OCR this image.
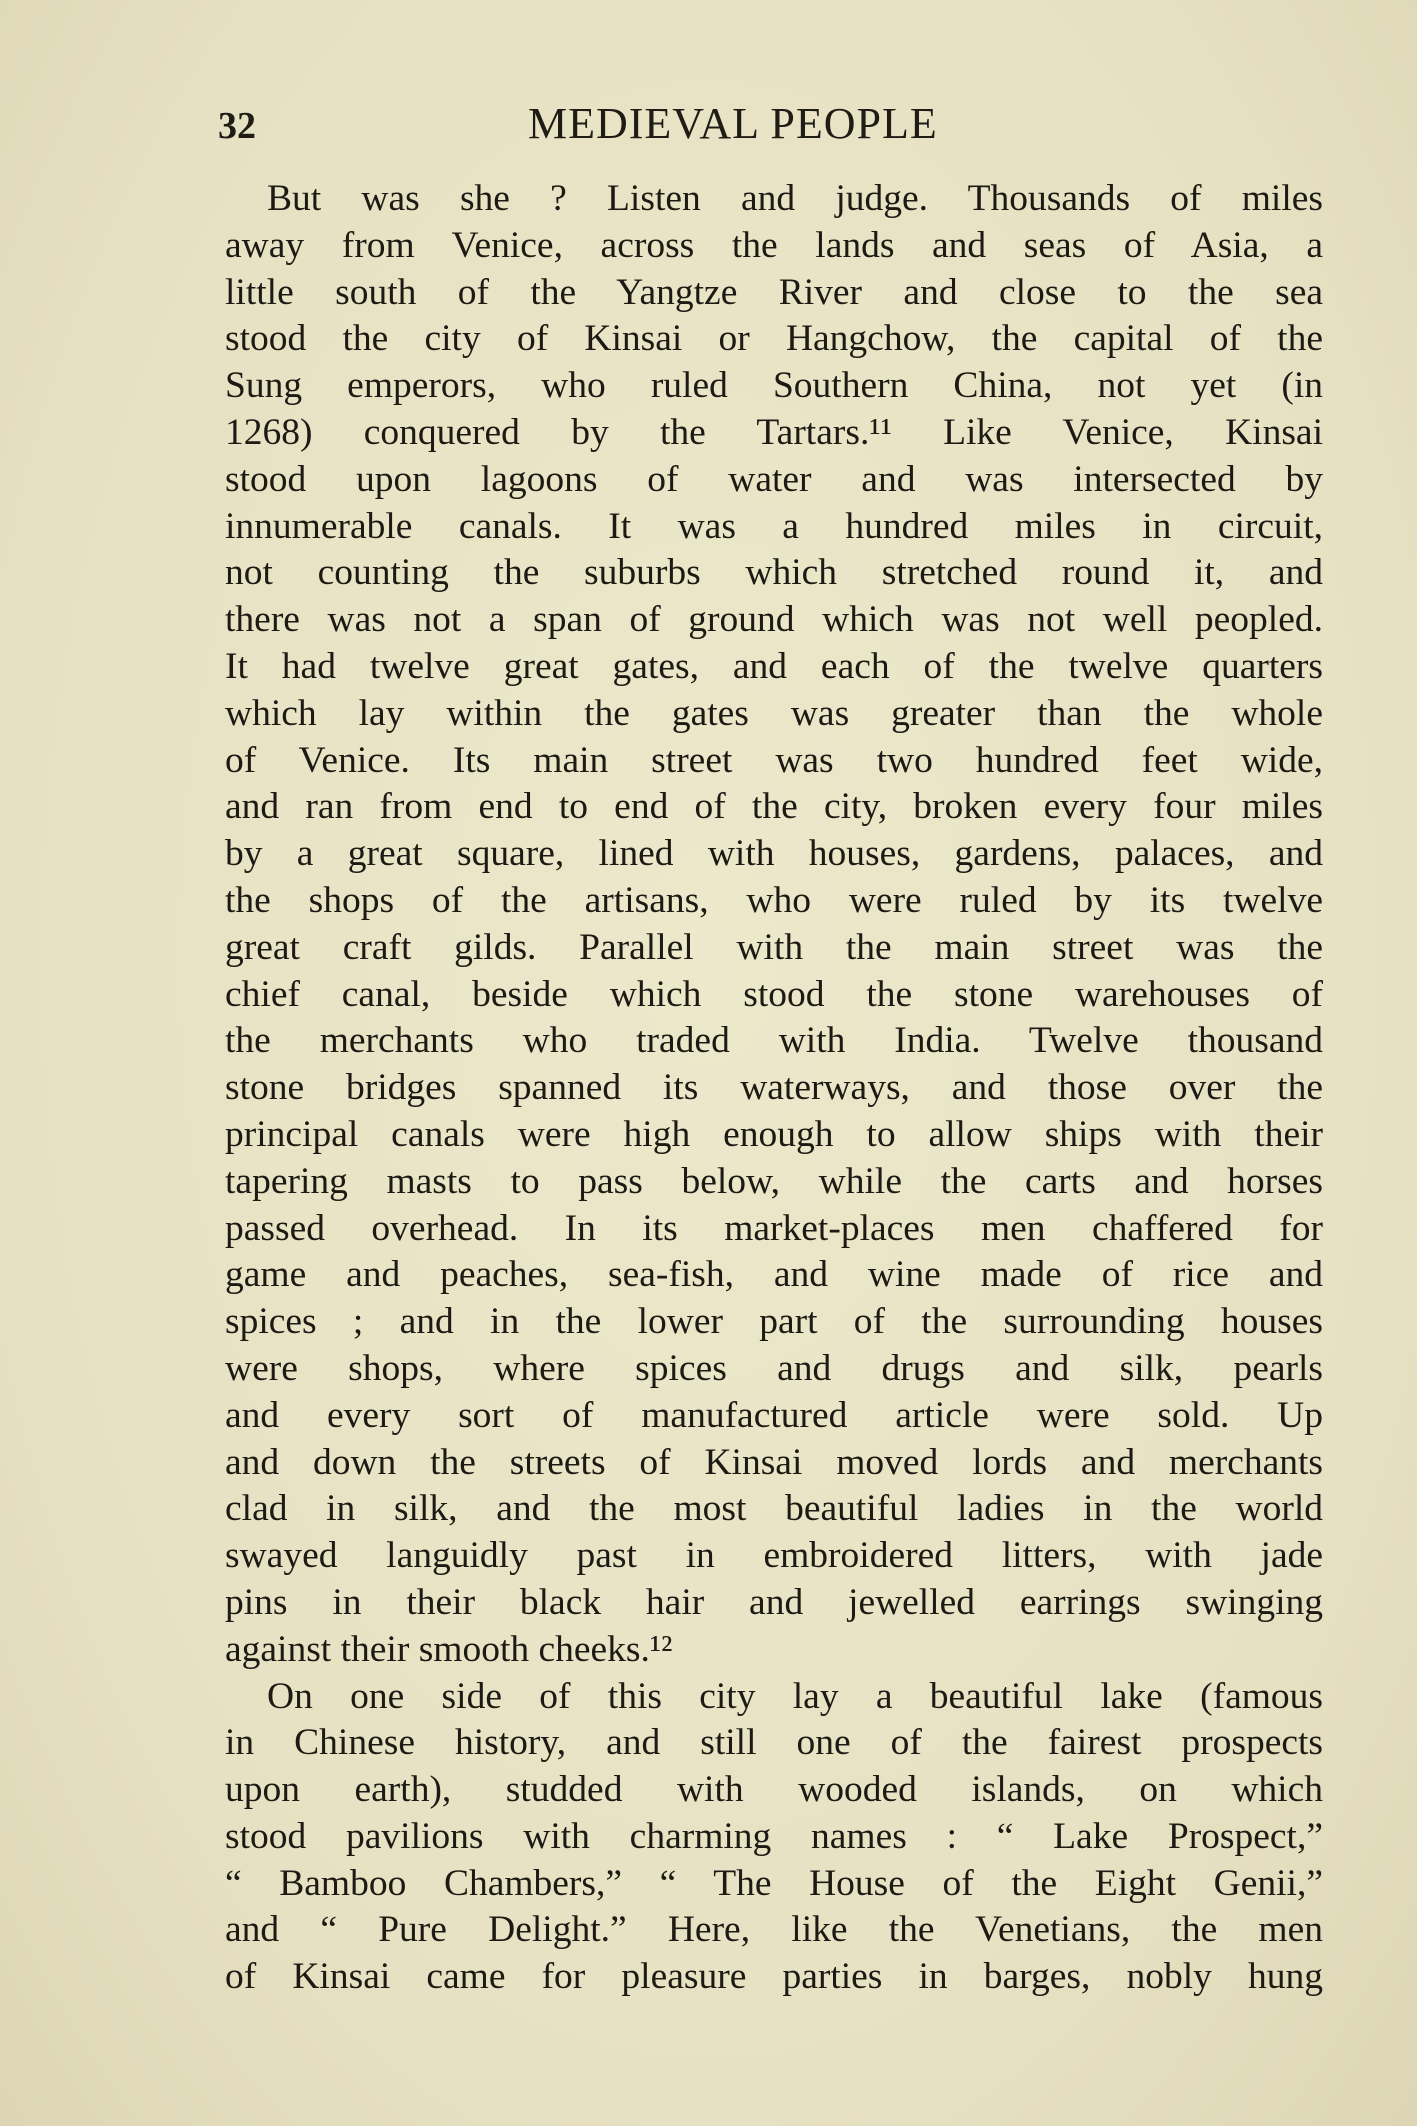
32	MEDIEVAL PEOPLE
But was she ? Listen and judge. Thousands of miles
away from Venice, across the lands and seas of Asia, a
little south of the Yangtze River and close to the sea
stood the city of Kinsai or Hangchow, the capital of the
Sung emperors, who ruled Southern China, not yet (in
1268) conquered by the Tartars.¹¹ Like Venice, Kinsai
stood upon lagoons of water and was intersected by
innumerable canals. It was a hundred miles in circuit,
not counting the suburbs which stretched round it, and
there was not a span of ground which was not well peopled.
It had twelve great gates, and each of the twelve quarters
which lay within the gates was greater than the whole
of Venice. Its main street was two hundred feet wide,
and ran from end to end of the city, broken every four miles
by a great square, lined with houses, gardens, palaces, and
the shops of the artisans, who were ruled by its twelve
great craft gilds. Parallel with the main street was the
chief canal, beside which stood the stone warehouses of
the merchants who traded with India. Twelve thousand
stone bridges spanned its waterways, and those over the
principal canals were high enough to allow ships with their
tapering masts to pass below, while the carts and horses
passed overhead. In its market-places men chaffered for
game and peaches, sea-fish, and wine made of rice and
spices ; and in the lower part of the surrounding houses
were shops, where spices and drugs and silk, pearls
and every sort of manufactured article were sold. Up
and down the streets of Kinsai moved lords and merchants
clad in silk, and the most beautiful ladies in the world
swayed languidly past in embroidered litters, with jade
pins in their black hair and jewelled earrings swinging
against their smooth cheeks.¹²
On one side of this city lay a beautiful lake (famous
in Chinese history, and still one of the fairest prospects
upon earth), studded with wooded islands, on which
stood pavilions with charming names : “ Lake Prospect,”
“ Bamboo Chambers,” “ The House of the Eight Genii,”
and “ Pure Delight.” Here, like the Venetians, the men
of Kinsai came for pleasure parties in barges, nobly hung
